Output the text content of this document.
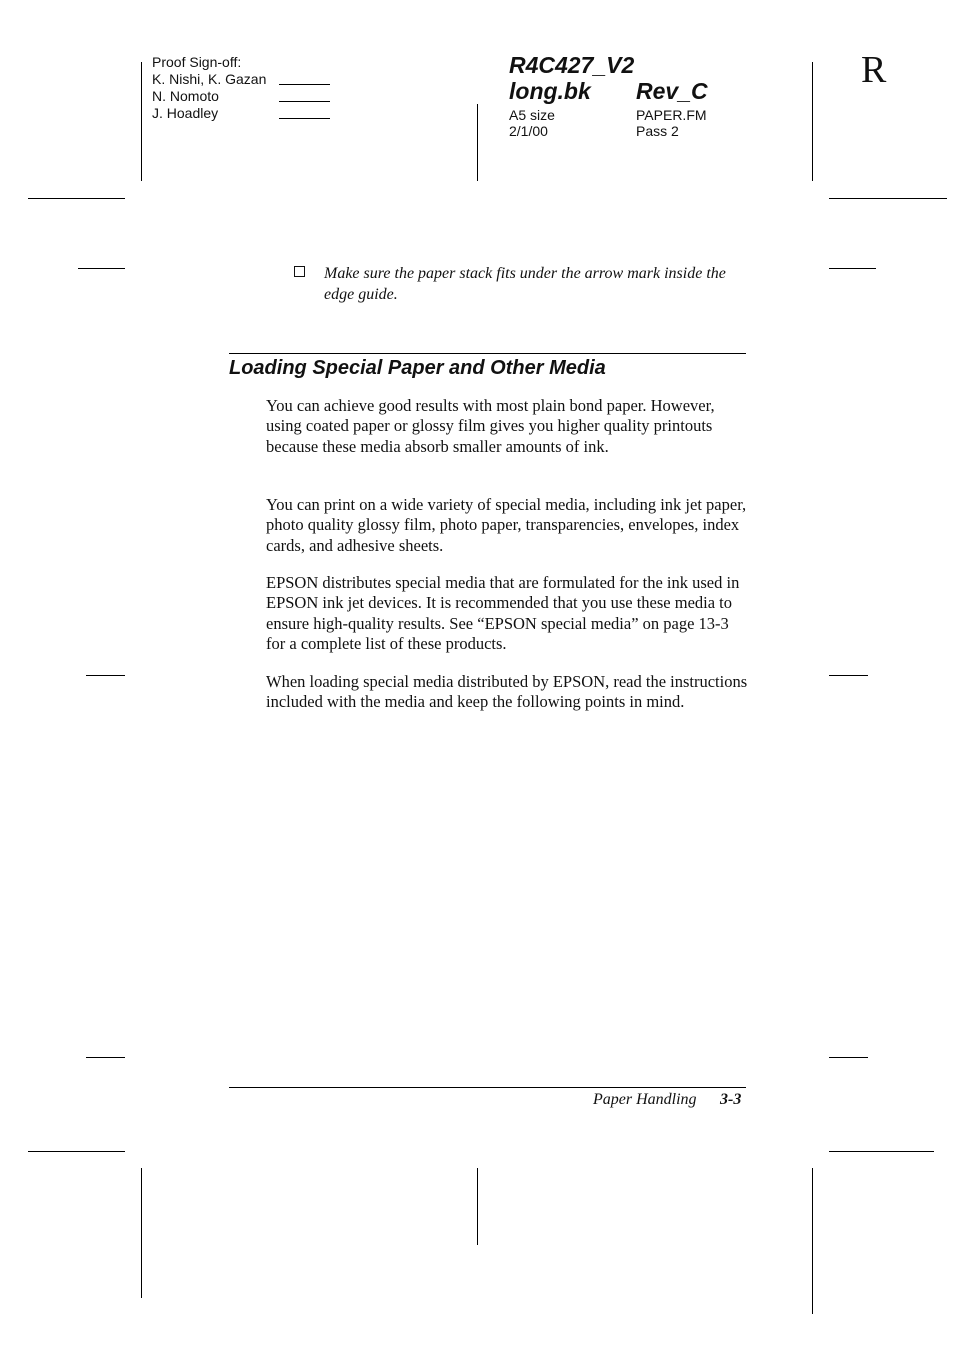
Proof Sign-off:
K. Nishi, K. Gazan
N. Nomoto
J. Hoadley
R4C427_V2
long.bk Rev_C
A5 size
2/1/00
PAPER.FM
Pass 2
R
Make sure the paper stack fits under the arrow mark inside the edge guide.
Loading Special Paper and Other Media
You can achieve good results with most plain bond paper. However, using coated paper or glossy film gives you higher quality printouts because these media absorb smaller amounts of ink.
You can print on a wide variety of special media, including ink jet paper, photo quality glossy film, photo paper, transparencies, envelopes, index cards, and adhesive sheets.
EPSON distributes special media that are formulated for the ink used in EPSON ink jet devices. It is recommended that you use these media to ensure high-quality results. See “EPSON special media” on page 13-3 for a complete list of these products.
When loading special media distributed by EPSON, read the instructions included with the media and keep the following points in mind.
Paper Handling 3-3
